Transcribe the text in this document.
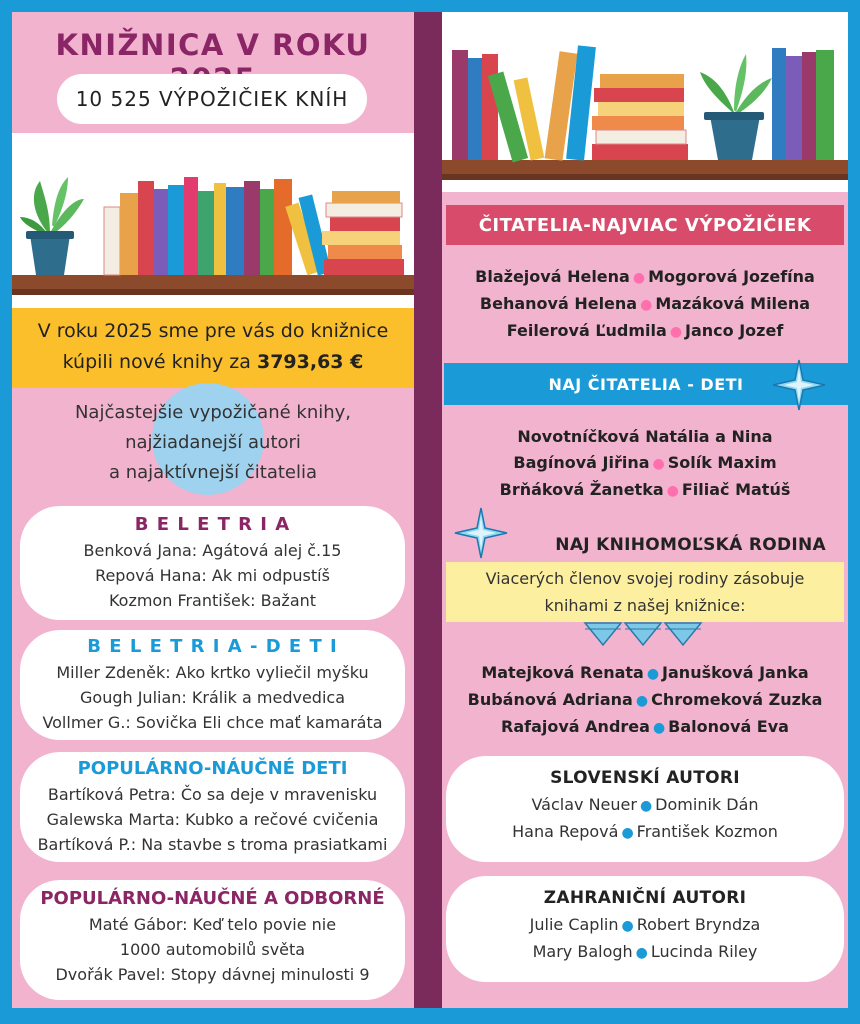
KNIŽNICA V ROKU
10 525 VÝPOŽIČIEK KNÍH
V roku 2025 sme pre vás do knižnice
kúpili nové knihy za 3793,63 €
Najčastejšie vypožičané knihy,
najžiadanejší autori
a najaktívnejší čitatelia
B E L E T R I A

Benková Jana: Agátová alej č.15

Repová Hana: Ak mi odpustíš

Kozmon František: Bažant

B E L E T R I A - D E T I

Miller Zdeněk: Ako krtko vyliečil myšku

Gough Julian: Králik a medvedica

Vollmer G.: Sovička Eli chce mať kamaráta

POPULÁRNO-NÁUČNÉ DETI

Bartíková Petra: Čo sa deje v mravenisku

Galewska Marta: Kubko a rečové cvičenia

Bartíková P.: Na stavbe s troma prasiatkami

POPULÁRNO-NÁUČNÉ A ODBORNÉ

Maté Gábor: Keď telo povie nie

1000 automobilů světa

Dvořák Pavel: Stopy dávnej minulosti 9

ČITATELIA-NAJVIAC VÝPOŽIČIEK
Blažejová Helena ● Mogorová Jozefína
Behanová Helena ● Mazáková Milena
Feilerová Ľudmila ● Janco Jozef
NAJ ČITATELIA - DETI
Novotníčková Natália a Nina
Bagínová Jiřina ● Solík Maxim
Brňáková Žanetka ● Filiač Matúš
NAJ KNIHOMOĽSKÁ RODINA
Viacerých členov svojej rodiny zásobuje
knihami z našej knižnice:
Matejková Renata ● Janušková Janka
Bubánová Adriana ● Chromeková Zuzka
Rafajová Andrea ● Balonová Eva
SLOVENSKÍ AUTORI

Václav Neuer ● Dominik Dán

Hana Repová ● František Kozmon

ZAHRANIČNÍ AUTORI

Julie Caplin ● Robert Bryndza

Mary Balogh ● Lucinda Riley
